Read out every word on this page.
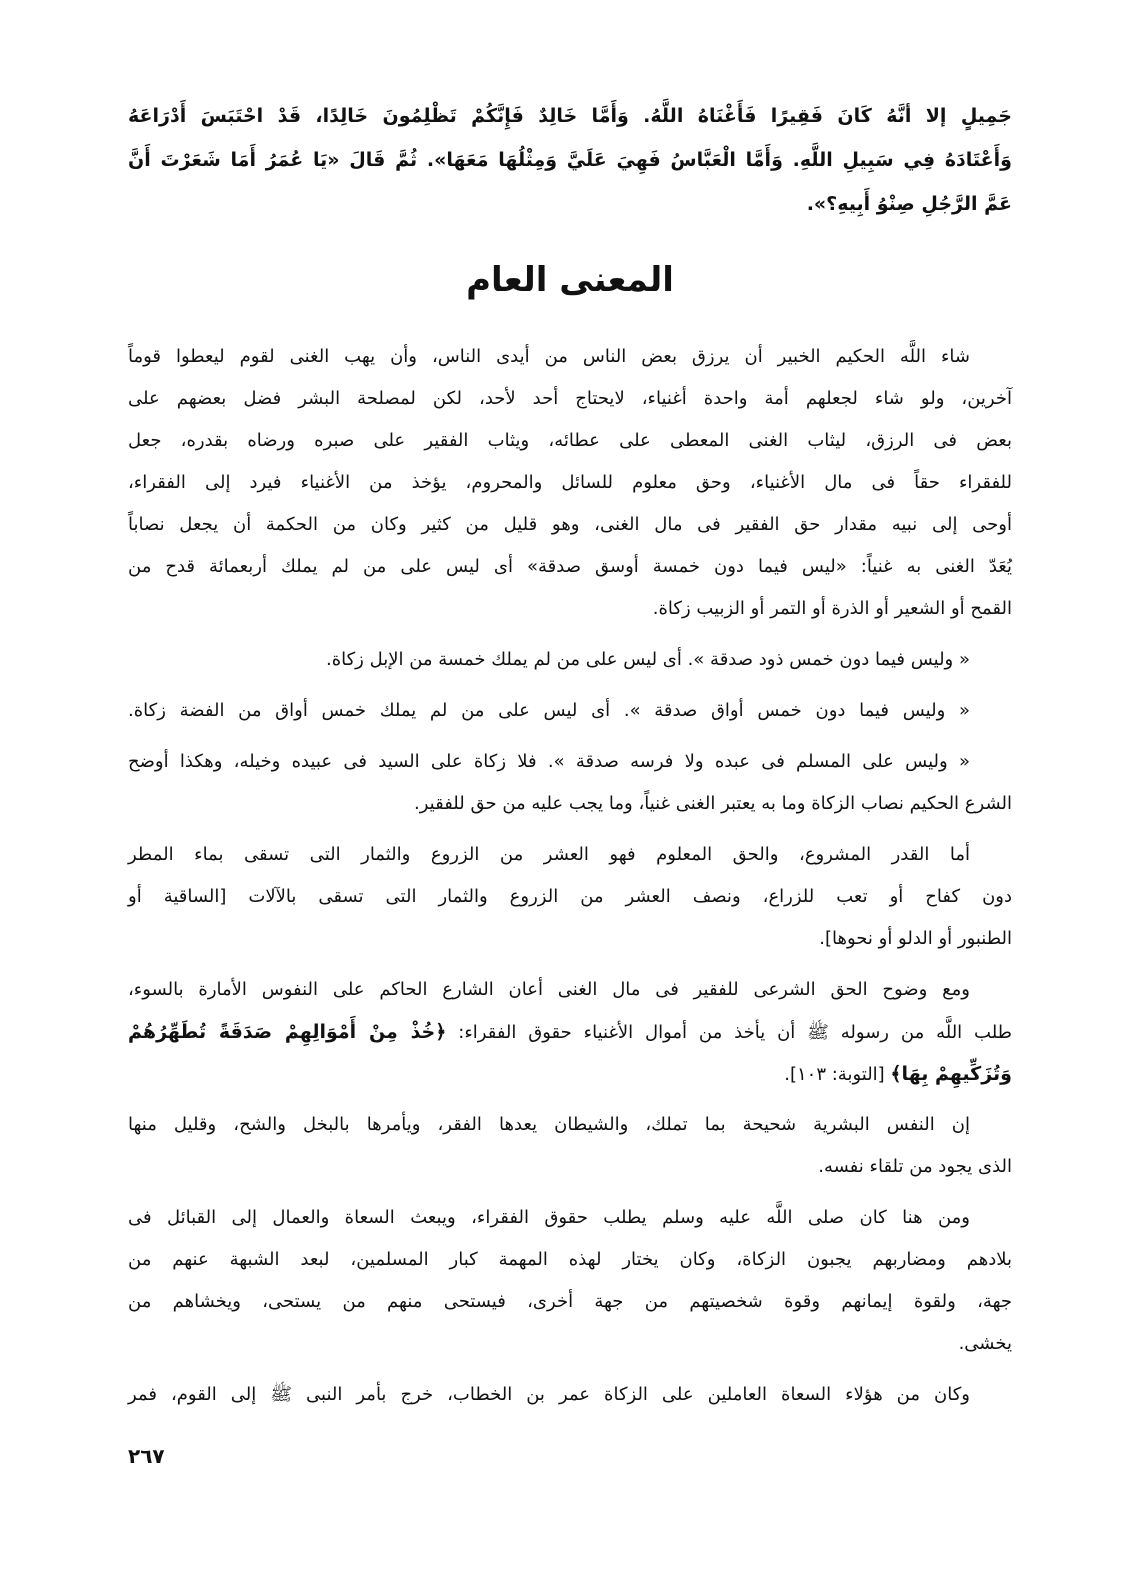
جَمِيلٍ إلا أنَّهُ كَانَ فَقِيرًا فَأَغْنَاهُ اللَّهُ. وَأَمَّا خَالِدٌ فَإِنَّكُمْ تَظْلِمُونَ خَالِدًا، قَدْ احْتَبَسَ أَدْرَاعَهُ
وَأَعْتَادَهُ فِي سَبِيلِ اللَّهِ. وَأَمَّا الْعَبَّاسُ فَهِيَ عَلَيَّ وَمِثْلُهَا مَعَهَا». ثُمَّ قَالَ «يَا عُمَرُ أَمَا شَعَرْتَ أَنَّ
عَمَّ الرَّجُلِ صِنْوُ أَبِيهِ؟».
المعنى العام
شاء اللَّه الحكيم الخبير أن يرزق بعض الناس من أيدى الناس، وأن يهب الغنى لقوم ليعطوا قوماً
آخرين، ولو شاء لجعلهم أمة واحدة أغنياء، لايحتاج أحد لأحد، لكن لمصلحة البشر فضل بعضهم على
بعض فى الرزق، ليثاب الغنى المعطى على عطائه، ويثاب الفقير على صبره ورضاه بقدره، جعل
للفقراء حقاً فى مال الأغنياء، وحق معلوم للسائل والمحروم، يؤخذ من الأغنياء فيرد إلى الفقراء،
أوحى إلى نبيه مقدار حق الفقير فى مال الغنى، وهو قليل من كثير وكان من الحكمة أن يجعل نصاباً
يُعَدّ الغنى به غنياً: «ليس فيما دون خمسة أوسق صدقة» أى ليس على من لم يملك أربعمائة قدح من
القمح أو الشعير أو الذرة أو التمر أو الزبيب زكاة.
« وليس فيما دون خمس ذود صدقة ». أى ليس على من لم يملك خمسة من الإبل زكاة.
« وليس فيما دون خمس أواق صدقة ». أى ليس على من لم يملك خمس أواق من الفضة زكاة.
« وليس على المسلم فى عبده ولا فرسه صدقة ». فلا زكاة على السيد فى عبيده وخيله، وهكذا أوضح
الشرع الحكيم نصاب الزكاة وما به يعتبر الغنى غنياً، وما يجب عليه من حق للفقير.
أما القدر المشروع، والحق المعلوم فهو العشر من الزروع والثمار التى تسقى بماء المطر
دون كفاح أو تعب للزراع، ونصف العشر من الزروع والثمار التى تسقى بالآلات [الساقية أو
الطنبور أو الدلو أو نحوها].
ومع وضوح الحق الشرعى للفقير فى مال الغنى أعان الشارع الحاكم على النفوس الأمارة بالسوء،
طلب اللَّه من رسوله ﷺ أن يأخذ من أموال الأغنياء حقوق الفقراء: ﴿خُذْ مِنْ أَمْوَالِهِمْ صَدَقَةً تُطَهِّرُهُمْ
وَتُزَكِّيهِمْ بِهَا﴾ [التوبة: ١٠٣].
إن النفس البشرية شحيحة بما تملك، والشيطان يعدها الفقر، ويأمرها بالبخل والشح، وقليل منها
الذى يجود من تلقاء نفسه.
ومن هنا كان صلى اللَّه عليه وسلم يطلب حقوق الفقراء، ويبعث السعاة والعمال إلى القبائل فى
بلادهم ومضاربهم يجبون الزكاة، وكان يختار لهذه المهمة كبار المسلمين، لبعد الشبهة عنهم من
جهة، ولقوة إيمانهم وقوة شخصيتهم من جهة أخرى، فيستحى منهم من يستحى، ويخشاهم من
يخشى.
وكان من هؤلاء السعاة العاملين على الزكاة عمر بن الخطاب، خرج بأمر النبى ﷺ إلى القوم، فمر
٢٦٧
